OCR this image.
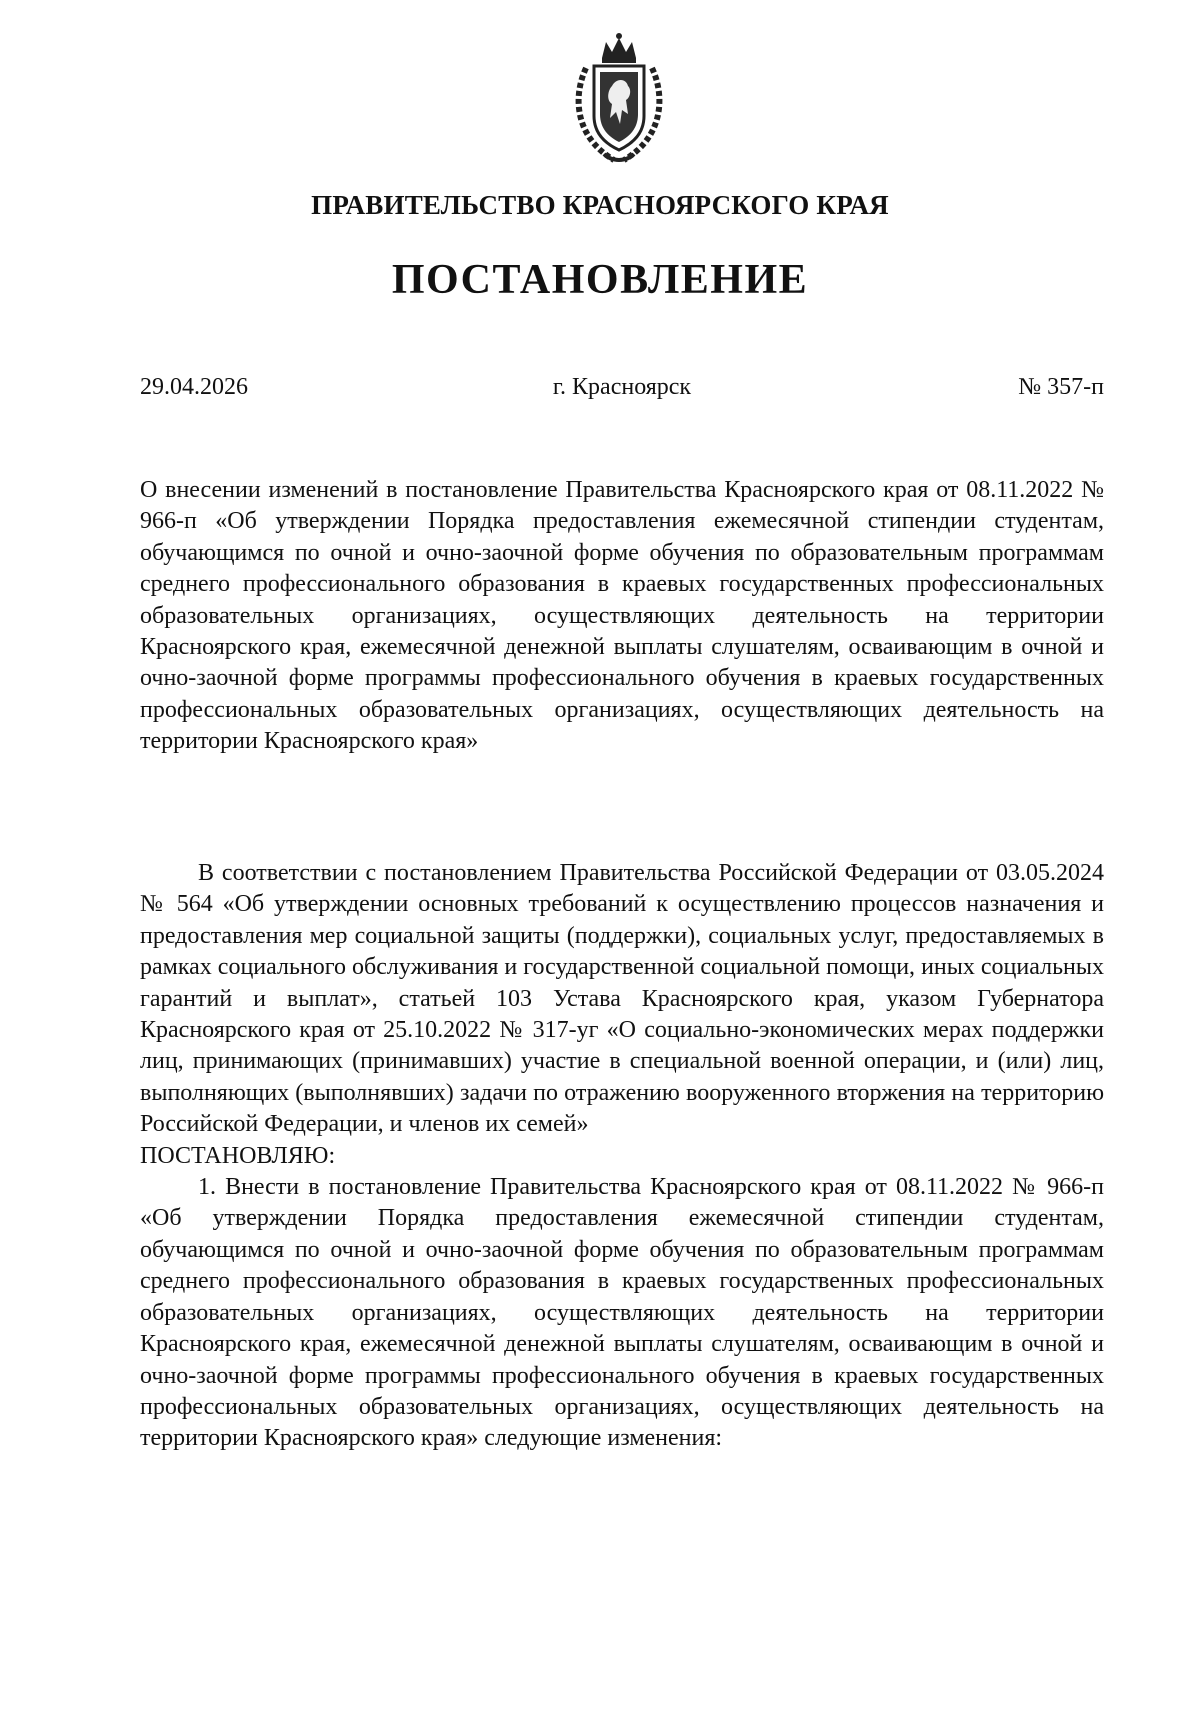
ПРАВИТЕЛЬСТВО КРАСНОЯРСКОГО КРАЯ
ПОСТАНОВЛЕНИЕ
29.04.2026	г. Красноярск	№ 357-п
О внесении изменений в постановление Правительства Красноярского края от 08.11.2022 № 966-п «Об утверждении Порядка предоставления ежемесячной стипендии студентам, обучающимся по очной и очно-заочной форме обучения по образовательным программам среднего профессионального образования в краевых государственных профессиональных образовательных организациях, осуществляющих деятельность на территории Красноярского края, ежемесячной денежной выплаты слушателям, осваивающим в очной и очно-заочной форме программы профессионального обучения в краевых государственных профессиональных образовательных организациях, осуществляющих деятельность на территории Красноярского края»

В соответствии с постановлением Правительства Российской Федерации от 03.05.2024 № 564 «Об утверждении основных требований к осуществлению процессов назначения и предоставления мер социальной защиты (поддержки), социальных услуг, предоставляемых в рамках социального обслуживания и государственной социальной помощи, иных социальных гарантий и выплат», статьей 103 Устава Красноярского края, указом Губернатора Красноярского края от 25.10.2022 № 317-уг «О социально-экономических мерах поддержки лиц, принимающих (принимавших) участие в специальной военной операции, и (или) лиц, выполняющих (выполнявших) задачи по отражению вооруженного вторжения на территорию Российской Федерации, и членов их семей»

ПОСТАНОВЛЯЮ:

1. Внести в постановление Правительства Красноярского края от 08.11.2022 № 966-п «Об утверждении Порядка предоставления ежемесячной стипендии студентам, обучающимся по очной и очно-заочной форме обучения по образовательным программам среднего профессионального образования в краевых государственных профессиональных образовательных организациях, осуществляющих деятельность на территории Красноярского края, ежемесячной денежной выплаты слушателям, осваивающим в очной и очно-заочной форме программы профессионального обучения в краевых государственных профессиональных образовательных организациях, осуществляющих деятельность на территории Красноярского края» следующие изменения:
